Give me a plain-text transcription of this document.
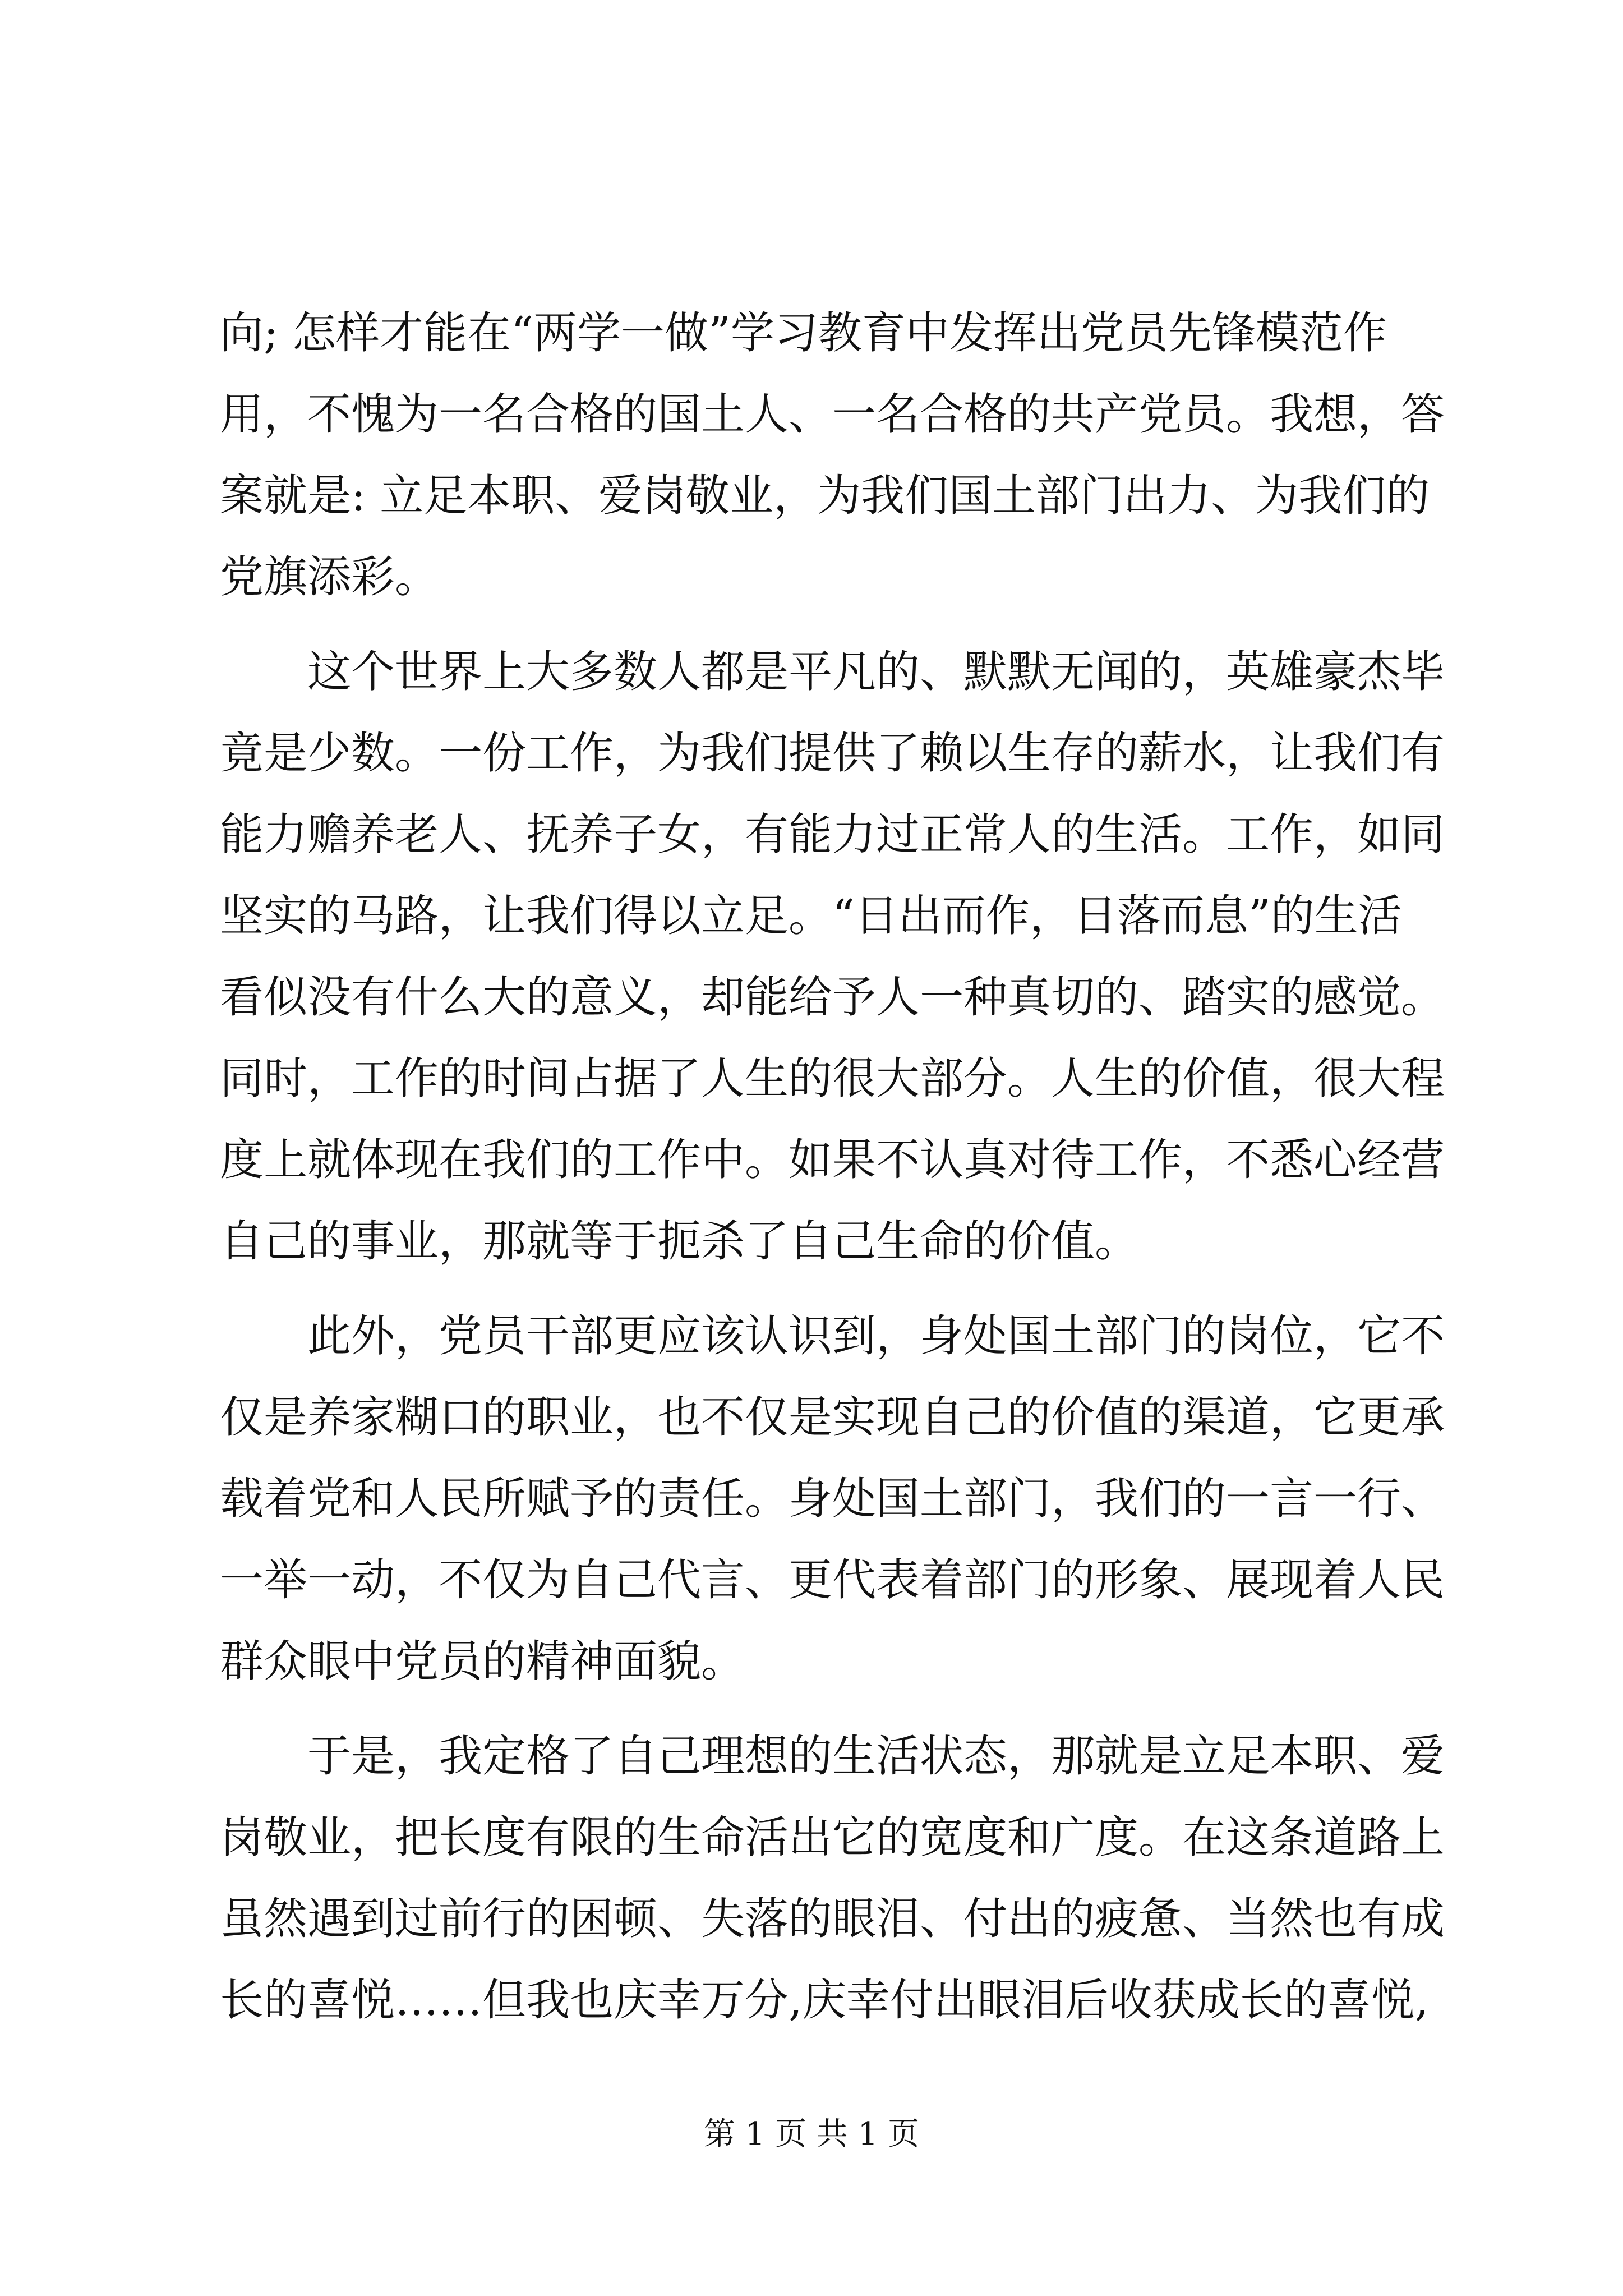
向; 怎样才能在“两学一做”学习教育中发挥出党员先锋模范作
用，不愧为一名合格的国土人、一名合格的共产党员。我想，答
案就是: 立足本职、爱岗敬业，为我们国土部门出力、为我们的
党旗添彩。
这个世界上大多数人都是平凡的、默默无闻的，英雄豪杰毕
竟是少数。一份工作，为我们提供了赖以生存的薪水，让我们有
能力赡养老人、抚养子女，有能力过正常人的生活。工作，如同
坚实的马路，让我们得以立足。“日出而作，日落而息”的生活
看似没有什么大的意义，却能给予人一种真切的、踏实的感觉。
同时，工作的时间占据了人生的很大部分。人生的价值，很大程
度上就体现在我们的工作中。如果不认真对待工作，不悉心经营
自己的事业，那就等于扼杀了自己生命的价值。
此外，党员干部更应该认识到，身处国土部门的岗位，它不
仅是养家糊口的职业，也不仅是实现自己的价值的渠道，它更承
载着党和人民所赋予的责任。身处国土部门，我们的一言一行、
一举一动，不仅为自己代言、更代表着部门的形象、展现着人民
群众眼中党员的精神面貌。
于是，我定格了自己理想的生活状态，那就是立足本职、爱
岗敬业，把长度有限的生命活出它的宽度和广度。在这条道路上
虽然遇到过前行的困顿、失落的眼泪、付出的疲惫、当然也有成
长的喜悦……但我也庆幸万分,庆幸付出眼泪后收获成长的喜悦,
第 1 页 共 1 页
